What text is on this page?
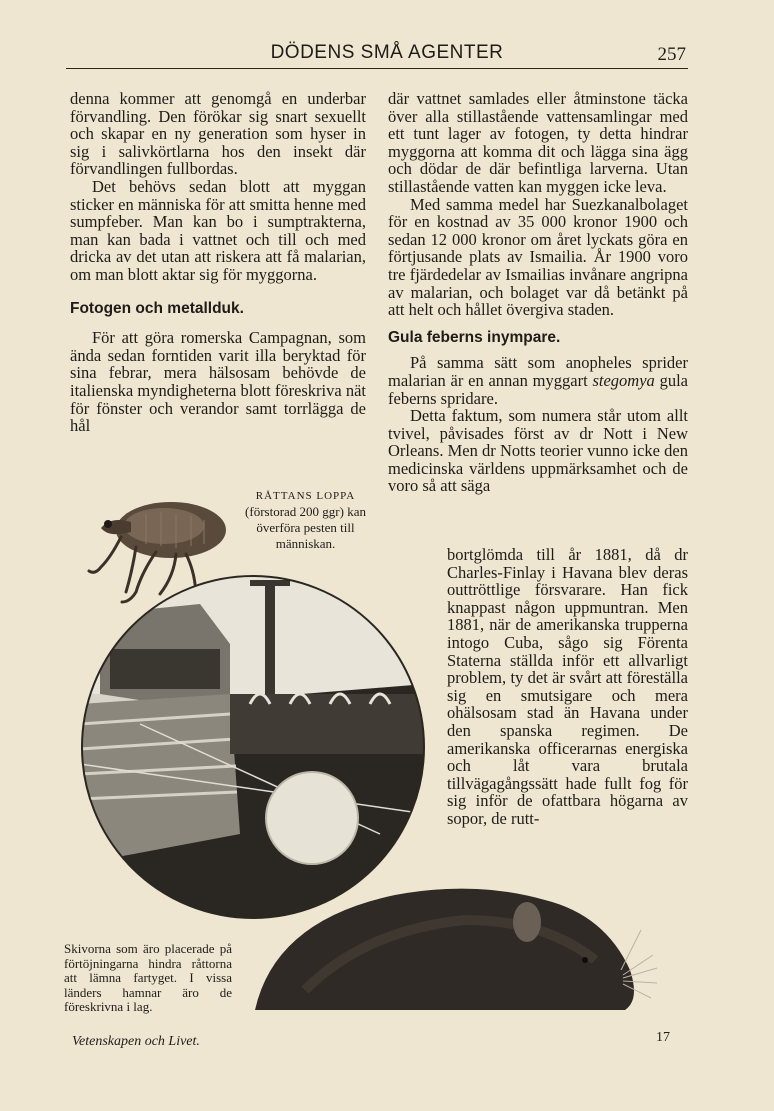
DÖDENS SMÅ AGENTER	257

denna kommer att genomgå en underbar förvandling. Den förökar sig snart sexuellt och skapar en ny generation som hyser in sig i salivkörtlarna hos den insekt där förvandlingen fullbordas.

Det behövs sedan blott att myggan sticker en människa för att smitta henne med sumpfeber. Man kan bo i sumptrakterna, man kan bada i vattnet och till och med dricka av det utan att riskera att få malarian, om man blott aktar sig för myggorna.

Fotogen och metallduk.

För att göra romerska Campagnan, som ända sedan forntiden varit illa beryktad för sina febrar, mera hälsosam behövde de italienska myndigheterna blott föreskriva nät för fönster och verandor samt torrlägga de hål

där vattnet samlades eller åtminstone täcka över alla stillastående vattensamlingar med ett tunt lager av fotogen, ty detta hindrar myggorna att komma dit och lägga sina ägg och dödar de där befintliga larverna. Utan stillastående vatten kan myggen icke leva.

Med samma medel har Suezkanalbolaget för en kostnad av 35 000 kronor 1900 och sedan 12 000 kronor om året lyckats göra en förtjusande plats av Ismailia. År 1900 voro tre fjärdedelar av Ismailias invånare angripna av malarian, och bolaget var då betänkt på att helt och hållet övergiva staden.

Gula feberns inympare.

På samma sätt som anopheles sprider malarian är en annan myggart stegomya gula feberns spridare.

Detta faktum, som numera står utom allt tvivel, påvisades först av dr Nott i New Orleans. Men dr Notts teorier vunno icke den medicinska världens uppmärksamhet och de voro så att säga

bortglömda till år 1881, då dr Charles-Finlay i Havana blev deras outtröttlige försvarare. Han fick knappast någon uppmuntran. Men 1881, när de amerikanska trupperna intogo Cuba, sågo sig Förenta Staterna ställda inför ett allvarligt problem, ty det är svårt att föreställa sig en smutsigare och mera ohälsosam stad än Havana under den spanska regimen. De amerikanska officerarnas energiska och låt vara brutala tillvägagångssätt hade fullt fog för sig inför de ofattbara högarna av sopor, de rutt-

RÅTTANS LOPPA
(förstorad 200 ggr) kan överföra pesten till människan.
Skivorna som äro placerade på förtöjningarna hindra råttorna att lämna fartyget. I vissa länders hamnar äro de föreskrivna i lag.
Vetenskapen och Livet.	17
